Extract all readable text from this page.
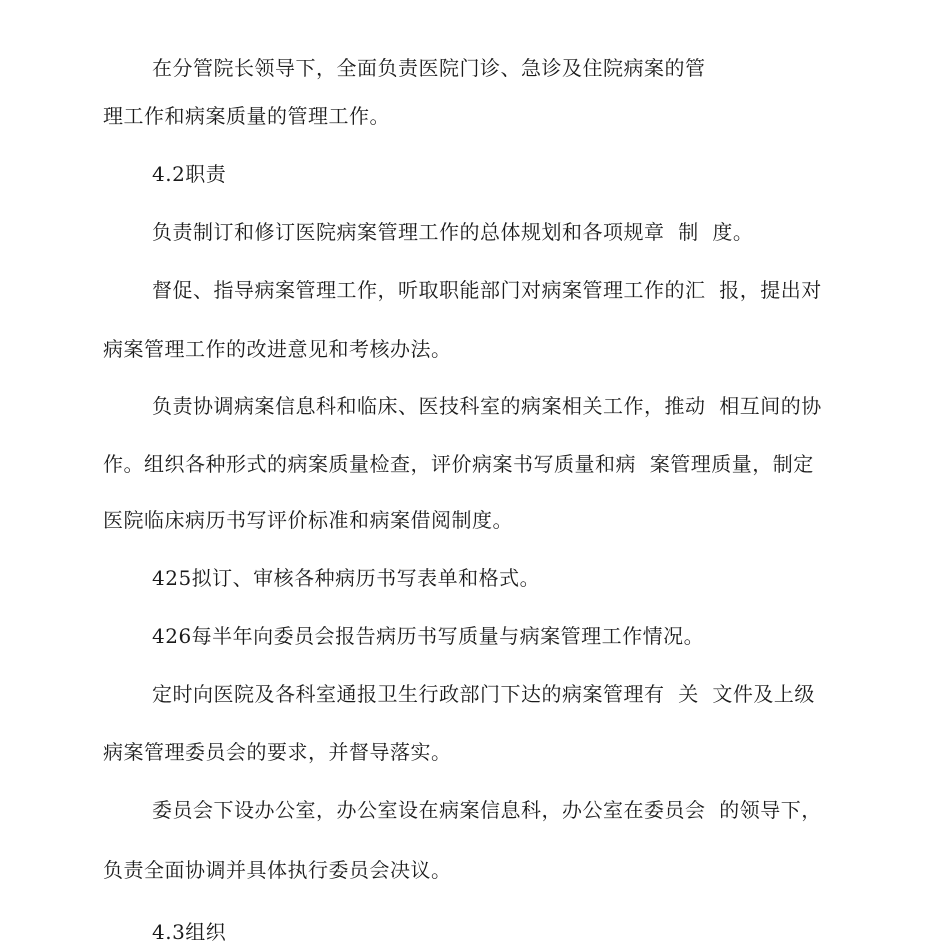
在分管院长领导下，全面负责医院门诊、急诊及住院病案的管
理工作和病案质量的管理工作。
4.2职责
负责制订和修订医院病案管理工作的总体规划和各项规章  制  度。
督促、指导病案管理工作，听取职能部门对病案管理工作的汇  报，提出对
病案管理工作的改进意见和考核办法。
负责协调病案信息科和临床、医技科室的病案相关工作，推动  相互间的协
作。组织各种形式的病案质量检查，评价病案书写质量和病  案管理质量，制定
医院临床病历书写评价标准和病案借阅制度。
425拟订、审核各种病历书写表单和格式。
426每半年向委员会报告病历书写质量与病案管理工作情况。
定时向医院及各科室通报卫生行政部门下达的病案管理有  关  文件及上级
病案管理委员会的要求，并督导落实。
委员会下设办公室，办公室设在病案信息科，办公室在委员会  的领导下，
负责全面协调并具体执行委员会决议。
4.3组织
